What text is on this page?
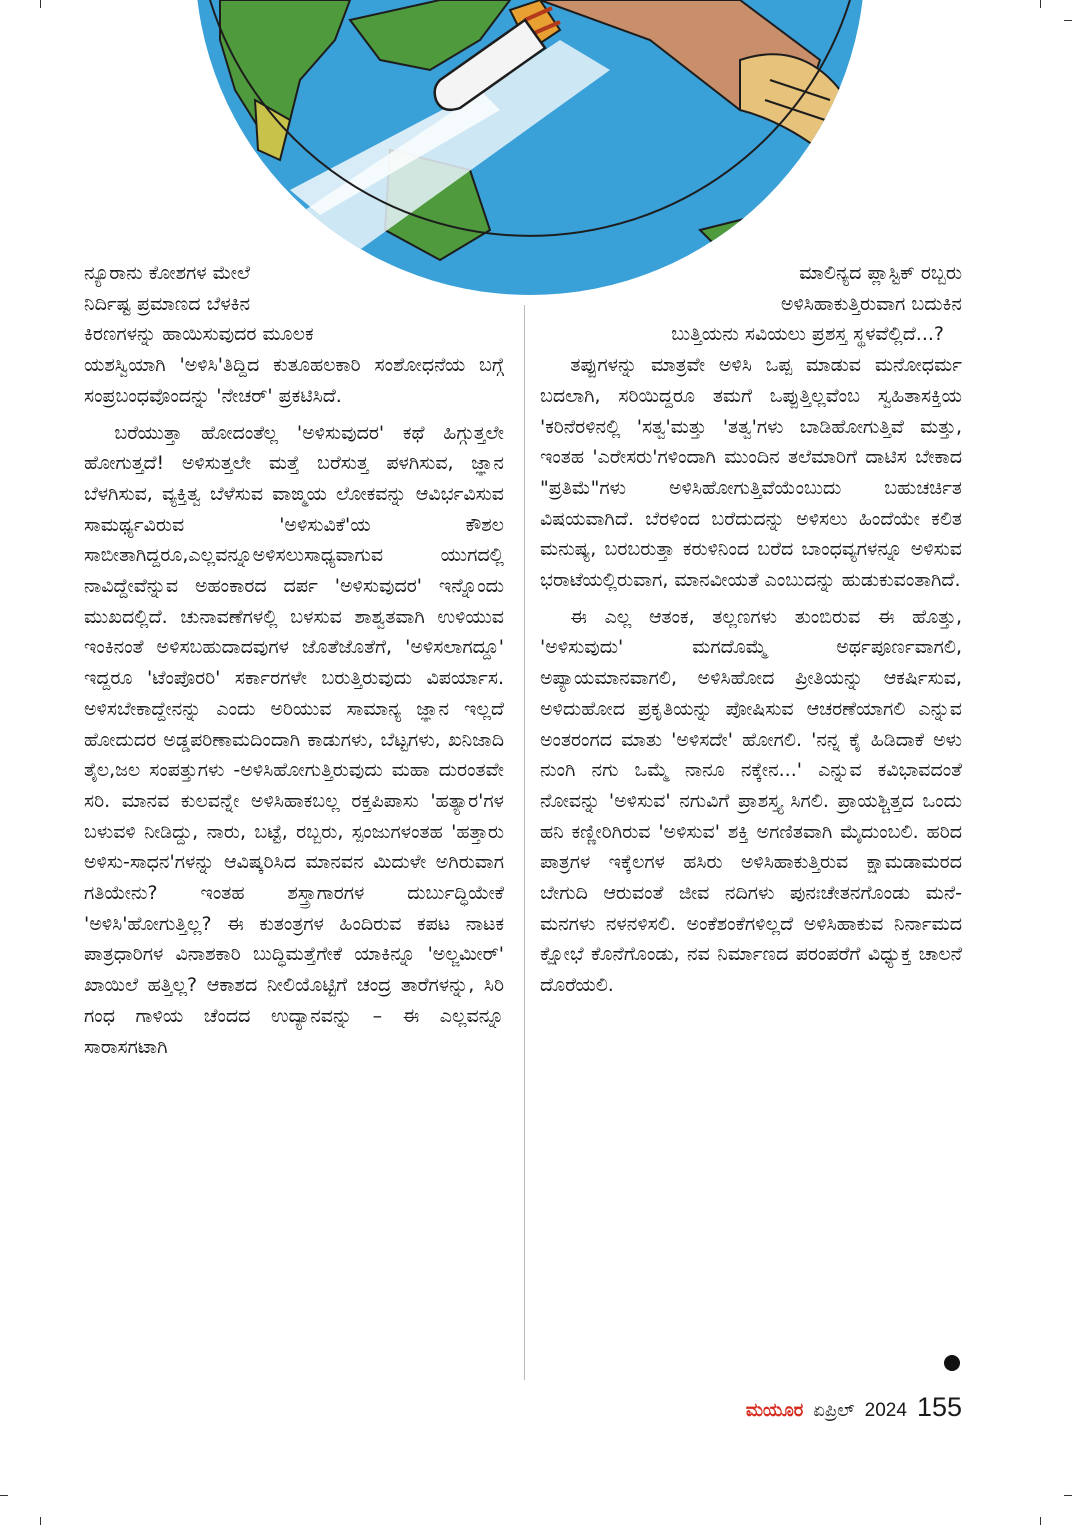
ನ್ಯೂರಾನು ಕೋಶಗಳ ಮೇಲೆ
ನಿರ್ದಿಷ್ಟ ಪ್ರಮಾಣದ ಬೆಳಕಿನ
ಕಿರಣಗಳನ್ನು ಹಾಯಿಸುವುದರ ಮೂಲಕ

ಯಶಸ್ವಿಯಾಗಿ 'ಅಳಿಸಿ'ತಿದ್ದಿದ ಕುತೂಹಲಕಾರಿ ಸಂಶೋಧನೆಯ ಬಗ್ಗೆ ಸಂಪ್ರಬಂಧವೊಂದನ್ನು 'ನೇಚರ್' ಪ್ರಕಟಿಸಿದೆ.

ಬರೆಯುತ್ತಾ ಹೋದಂತೆಲ್ಲ 'ಅಳಿಸುವುದರ' ಕಥೆ ಹಿಗ್ಗುತ್ತಲೇ ಹೋಗುತ್ತದೆ! ಅಳಿಸುತ್ತಲೇ ಮತ್ತೆ ಬರೆಸುತ್ತ ಪಳಗಿಸುವ, ಜ್ಞಾನ ಬೆಳಗಿಸುವ, ವ್ಯಕ್ತಿತ್ವ ಬೆಳೆಸುವ ವಾಙ್ಮಯ ಲೋಕವನ್ನು ಆವಿರ್ಭವಿಸುವ ಸಾಮರ್ಥ್ಯವಿರುವ 'ಅಳಿಸುವಿಕೆ'ಯ ಕೌಶಲ ಸಾಬೀತಾಗಿದ್ದರೂ,ಎಲ್ಲವನ್ನೂಅಳಿಸಲುಸಾಧ್ಯವಾಗುವ ಯುಗದಲ್ಲಿ ನಾವಿದ್ದೇವೆನ್ನುವ ಅಹಂಕಾರದ ದರ್ಪ 'ಅಳಿಸುವುದರ' ಇನ್ನೊಂದು ಮುಖದಲ್ಲಿದೆ. ಚುನಾವಣೆಗಳಲ್ಲಿ ಬಳಸುವ ಶಾಶ್ವತವಾಗಿ ಉಳಿಯುವ ಇಂಕಿನಂತೆ ಅಳಿಸಬಹುದಾದವುಗಳ ಜೊತೆಜೊತೆಗೆ, 'ಅಳಿಸಲಾಗದ್ದೂ' ಇದ್ದರೂ 'ಟೆಂಪೊರರಿ' ಸರ್ಕಾರಗಳೇ ಬರುತ್ತಿರುವುದು ವಿಪರ್ಯಾಸ. ಅಳಿಸಬೇಕಾದ್ದೇನನ್ನು ಎಂದು ಅರಿಯುವ ಸಾಮಾನ್ಯ ಜ್ಞಾನ ಇಲ್ಲದೆ ಹೋದುದರ ಅಡ್ಡಪರಿಣಾಮದಿಂದಾಗಿ ಕಾಡುಗಳು, ಬೆಟ್ಟಗಳು, ಖನಿಜಾದಿ ತೈಲ,ಜಲ ಸಂಪತ್ತುಗಳು -ಅಳಿಸಿಹೋಗುತ್ತಿರುವುದು ಮಹಾ ದುರಂತವೇ ಸರಿ. ಮಾನವ ಕುಲವನ್ನೇ ಅಳಿಸಿಹಾಕಬಲ್ಲ ರಕ್ತಪಿಪಾಸು 'ಹತ್ಯಾರ'ಗಳ ಬಳುವಳಿ ನೀಡಿದ್ದು, ನಾರು, ಬಟ್ಟೆ, ರಬ್ಬರು, ಸ್ಪಂಜುಗಳಂತಹ 'ಹತ್ತಾರು ಅಳಿಸು-ಸಾಧನ'ಗಳನ್ನು ಆವಿಷ್ಕರಿಸಿದ ಮಾನವನ ಮಿದುಳೇ ಅಗಿರುವಾಗ ಗತಿಯೇನು? ಇಂತಹ ಶಸ್ತ್ರಾಗಾರಗಳ ದುರ್ಬುದ್ಧಿಯೇಕೆ 'ಅಳಿಸಿ'ಹೋಗುತ್ತಿಲ್ಲ? ಈ ಕುತಂತ್ರಗಳ ಹಿಂದಿರುವ ಕಪಟ ನಾಟಕ ಪಾತ್ರಧಾರಿಗಳ ವಿನಾಶಕಾರಿ ಬುದ್ಧಿಮತ್ತೆಗೇಕೆ ಯಾಕಿನ್ನೂ 'ಅಲ್ಜಮೀರ್' ಖಾಯಿಲೆ ಹತ್ತಿಲ್ಲ? ಆಕಾಶದ ನೀಲಿಯೊಟ್ಟಿಗೆ ಚಂದ್ರ ತಾರೆಗಳನ್ನು, ಸಿರಿ ಗಂಧ ಗಾಳಿಯ ಚೆಂದದ ಉದ್ಯಾನವನ್ನು – ಈ ಎಲ್ಲವನ್ನೂ ಸಾರಾಸಗಟಾಗಿ

ಮಾಲಿನ್ಯದ ಪ್ಲಾಸ್ಟಿಕ್ ರಬ್ಬರು
ಅಳಿಸಿಹಾಕುತ್ತಿರುವಾಗ ಬದುಕಿನ
ಬುತ್ತಿಯನು ಸವಿಯಲು ಪ್ರಶಸ್ತ ಸ್ಥಳವೆಲ್ಲಿದೆ...?

ತಪ್ಪುಗಳನ್ನು ಮಾತ್ರವೇ ಅಳಿಸಿ ಒಪ್ಪ ಮಾಡುವ ಮನೋಧರ್ಮ ಬದಲಾಗಿ, ಸರಿಯಿದ್ದರೂ ತಮಗೆ ಒಪ್ಪುತ್ತಿಲ್ಲವೆಂಬ ಸ್ವಹಿತಾಸಕ್ತಿಯ 'ಕರಿನೆರಳಿನಲ್ಲಿ 'ಸತ್ವ'ಮತ್ತು 'ತತ್ವ'ಗಳು ಬಾಡಿಹೋಗುತ್ತಿವೆ ಮತ್ತು, ಇಂತಹ 'ಎರೇಸರು'ಗಳಿಂದಾಗಿ ಮುಂದಿನ ತಲೆಮಾರಿಗೆ ದಾಟಿಸ ಬೇಕಾದ "ಪ್ರತಿಮೆ"ಗಳು ಅಳಿಸಿಹೋಗುತ್ತಿವೆಯೆಂಬುದು ಬಹುಚರ್ಚಿತ ವಿಷಯವಾಗಿದೆ. ಬೆರಳಿಂದ ಬರೆದುದನ್ನು ಅಳಿಸಲು ಹಿಂದೆಯೇ ಕಲಿತ ಮನುಷ್ಯ, ಬರಬರುತ್ತಾ ಕರುಳಿನಿಂದ ಬರೆದ ಬಾಂಧವ್ಯಗಳನ್ನೂ ಅಳಿಸುವ ಭರಾಟೆಯಲ್ಲಿರುವಾಗ, ಮಾನವೀಯತೆ ಎಂಬುದನ್ನು ಹುಡುಕುವಂತಾಗಿದೆ.

ಈ ಎಲ್ಲ ಆತಂಕ, ತಲ್ಲಣಗಳು ತುಂಬಿರುವ ಈ ಹೊತ್ತು, 'ಅಳಿಸುವುದು' ಮಗದೊಮ್ಮೆ ಅರ್ಥಪೂರ್ಣವಾಗಲಿ, ಅಪ್ಯಾಯಮಾನವಾಗಲಿ, ಅಳಿಸಿಹೋದ ಪ್ರೀತಿಯನ್ನು ಆಕರ್ಷಿಸುವ, ಅಳಿದುಹೋದ ಪ್ರಕೃತಿಯನ್ನು ಪೋಷಿಸುವ ಆಚರಣೆಯಾಗಲಿ ಎನ್ನುವ ಅಂತರಂಗದ ಮಾತು 'ಅಳಿಸದೇ' ಹೋಗಲಿ. 'ನನ್ನ ಕೈ ಹಿಡಿದಾಕೆ ಅಳು ನುಂಗಿ ನಗು ಒಮ್ಮೆ ನಾನೂ ನಕ್ಕೇನ...' ಎನ್ನುವ ಕವಿಭಾವದಂತೆ ನೋವನ್ನು 'ಅಳಿಸುವ' ನಗುವಿಗೆ ಪ್ರಾಶಸ್ತ್ಯ ಸಿಗಲಿ. ಪ್ರಾಯಶ್ಚಿತ್ತದ ಒಂದು ಹನಿ ಕಣ್ಣೀರಿಗಿರುವ 'ಅಳಿಸುವ' ಶಕ್ತಿ ಅಗಣಿತವಾಗಿ ಮೈದುಂಬಲಿ. ಹರಿದ ಪಾತ್ರಗಳ ಇಕ್ಕೆಲಗಳ ಹಸಿರು ಅಳಿಸಿಹಾಕುತ್ತಿರುವ ಕ್ಷಾಮಡಾಮರದ ಬೇಗುದಿ ಆರುವಂತೆ ಜೀವ ನದಿಗಳು ಪುನಃಚೇತನಗೊಂಡು ಮನೆ-ಮನಗಳು ನಳನಳಿಸಲಿ. ಅಂಕೆಶಂಕೆಗಳಿಲ್ಲದೆ ಅಳಿಸಿಹಾಕುವ ನಿರ್ನಾಮದ ಕ್ಷೋಭೆ ಕೊನೆಗೊಂಡು, ನವ ನಿರ್ಮಾಣದ ಪರಂಪರೆಗೆ ವಿಧ್ಯುಕ್ತ ಚಾಲನೆ ದೊರೆಯಲಿ.

ಮಯೂರ ಏಪ್ರಿಲ್ 2024 155
